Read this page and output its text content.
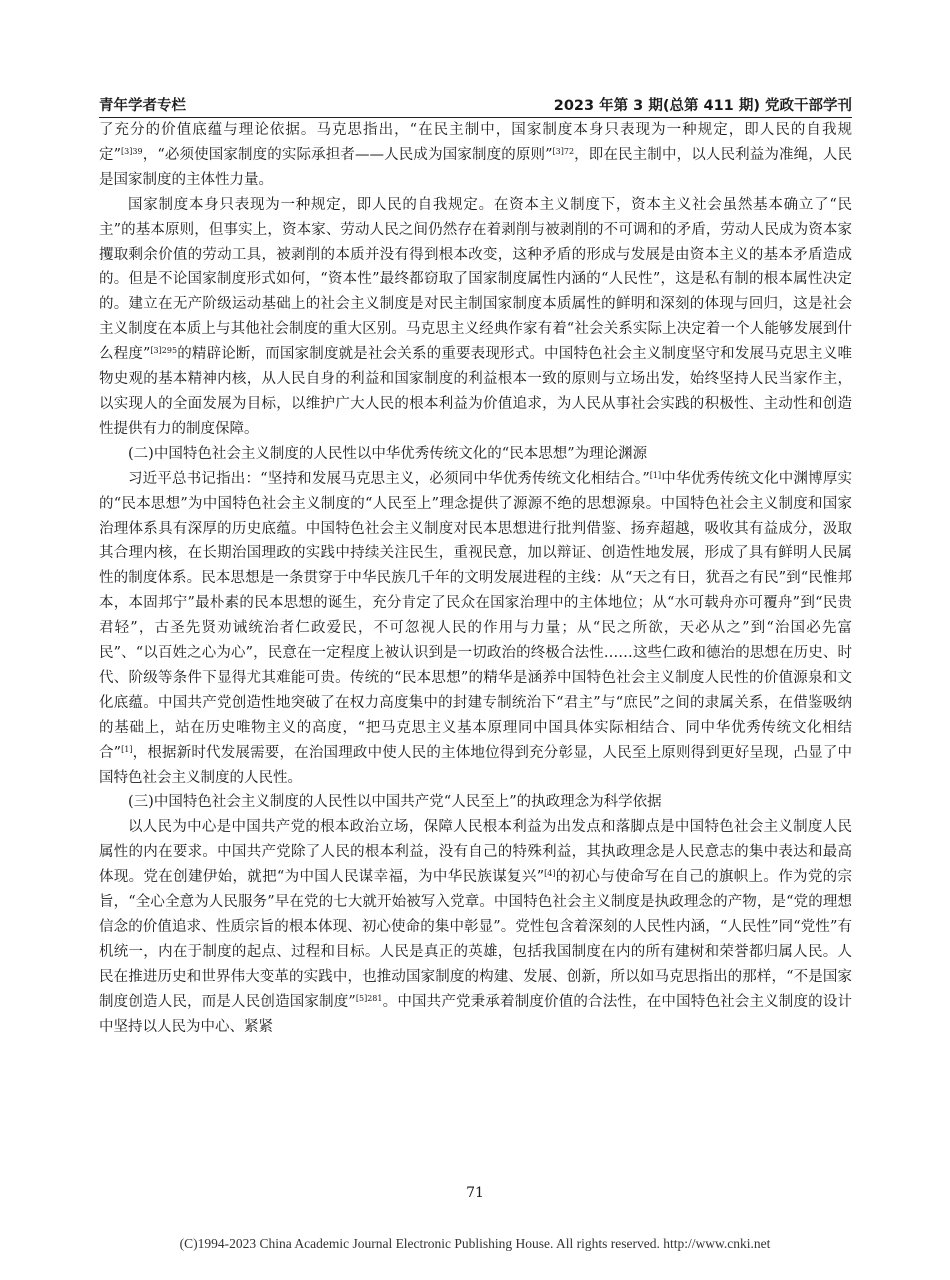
青年学者专栏	2023 年第 3 期(总第 411 期) 党政干部学刊

了充分的价值底蕴与理论依据。马克思指出，“在民主制中，国家制度本身只表现为一种规定，即人民的自我规定”$^{[3]39}$，“必须使国家制度的实际承担者——人民成为国家制度的原则”$^{[3]72}$，即在民主制中，以人民利益为准绳，人民是国家制度的主体性力量。

国家制度本身只表现为一种规定，即人民的自我规定。在资本主义制度下，资本主义社会虽然基本确立了“民主”的基本原则，但事实上，资本家、劳动人民之间仍然存在着剥削与被剥削的不可调和的矛盾，劳动人民成为资本家攫取剩余价值的劳动工具，被剥削的本质并没有得到根本改变，这种矛盾的形成与发展是由资本主义的基本矛盾造成的。但是不论国家制度形式如何，“资本性”最终都窃取了国家制度属性内涵的“人民性”，这是私有制的根本属性决定的。建立在无产阶级运动基础上的社会主义制度是对民主制国家制度本质属性的鲜明和深刻的体现与回归，这是社会主义制度在本质上与其他社会制度的重大区别。马克思主义经典作家有着“社会关系实际上决定着一个人能够发展到什么程度”$^{[3]295}$的精辟论断，而国家制度就是社会关系的重要表现形式。中国特色社会主义制度坚守和发展马克思主义唯物史观的基本精神内核，从人民自身的利益和国家制度的利益根本一致的原则与立场出发，始终坚持人民当家作主，以实现人的全面发展为目标，以维护广大人民的根本利益为价值追求，为人民从事社会实践的积极性、主动性和创造性提供有力的制度保障。

(二)中国特色社会主义制度的人民性以中华优秀传统文化的“民本思想”为理论渊源

习近平总书记指出：“坚持和发展马克思主义，必须同中华优秀传统文化相结合。”[1]中华优秀传统文化中渊博厚实的“民本思想”为中国特色社会主义制度的“人民至上”理念提供了源源不绝的思想源泉。中国特色社会主义制度和国家治理体系具有深厚的历史底蕴。中国特色社会主义制度对民本思想进行批判借鉴、扬弃超越，吸收其有益成分，汲取其合理内核，在长期治国理政的实践中持续关注民生，重视民意，加以辩证、创造性地发展，形成了具有鲜明人民属性的制度体系。民本思想是一条贯穿于中华民族几千年的文明发展进程的主线：从“天之有日，犹吾之有民”到“民惟邦本，本固邦宁”最朴素的民本思想的诞生，充分肯定了民众在国家治理中的主体地位；从“水可载舟亦可覆舟”到“民贵君轻”，古圣先贤劝诫统治者仁政爱民，不可忽视人民的作用与力量；从“民之所欲，天必从之”到“治国必先富民”、“以百姓之心为心”，民意在一定程度上被认识到是一切政治的终极合法性……这些仁政和德治的思想在历史、时代、阶级等条件下显得尤其难能可贵。传统的“民本思想”的精华是涵养中国特色社会主义制度人民性的价值源泉和文化底蕴。中国共产党创造性地突破了在权力高度集中的封建专制统治下“君主”与“庶民”之间的隶属关系，在借鉴吸纳的基础上，站在历史唯物主义的高度，“把马克思主义基本原理同中国具体实际相结合、同中华优秀传统文化相结合”[1]，根据新时代发展需要，在治国理政中使人民的主体地位得到充分彰显，人民至上原则得到更好呈现，凸显了中国特色社会主义制度的人民性。

(三)中国特色社会主义制度的人民性以中国共产党“人民至上”的执政理念为科学依据

以人民为中心是中国共产党的根本政治立场，保障人民根本利益为出发点和落脚点是中国特色社会主义制度人民属性的内在要求。中国共产党除了人民的根本利益，没有自己的特殊利益，其执政理念是人民意志的集中表达和最高体现。党在创建伊始，就把“为中国人民谋幸福，为中华民族谋复兴”[4]的初心与使命写在自己的旗帜上。作为党的宗旨，“全心全意为人民服务”早在党的七大就开始被写入党章。中国特色社会主义制度是执政理念的产物，是“党的理想信念的价值追求、性质宗旨的根本体现、初心使命的集中彰显”。党性包含着深刻的人民性内涵，“人民性”同“党性”有机统一，内在于制度的起点、过程和目标。人民是真正的英雄，包括我国制度在内的所有建树和荣誉都归属人民。人民在推进历史和世界伟大变革的实践中，也推动国家制度的构建、发展、创新，所以如马克思指出的那样，“不是国家制度创造人民，而是人民创造国家制度”$^{[5]281}$。中国共产党秉承着制度价值的合法性，在中国特色社会主义制度的设计中坚持以人民为中心、紧紧

71
(C)1994-2023 China Academic Journal Electronic Publishing House. All rights reserved. http://www.cnki.net
